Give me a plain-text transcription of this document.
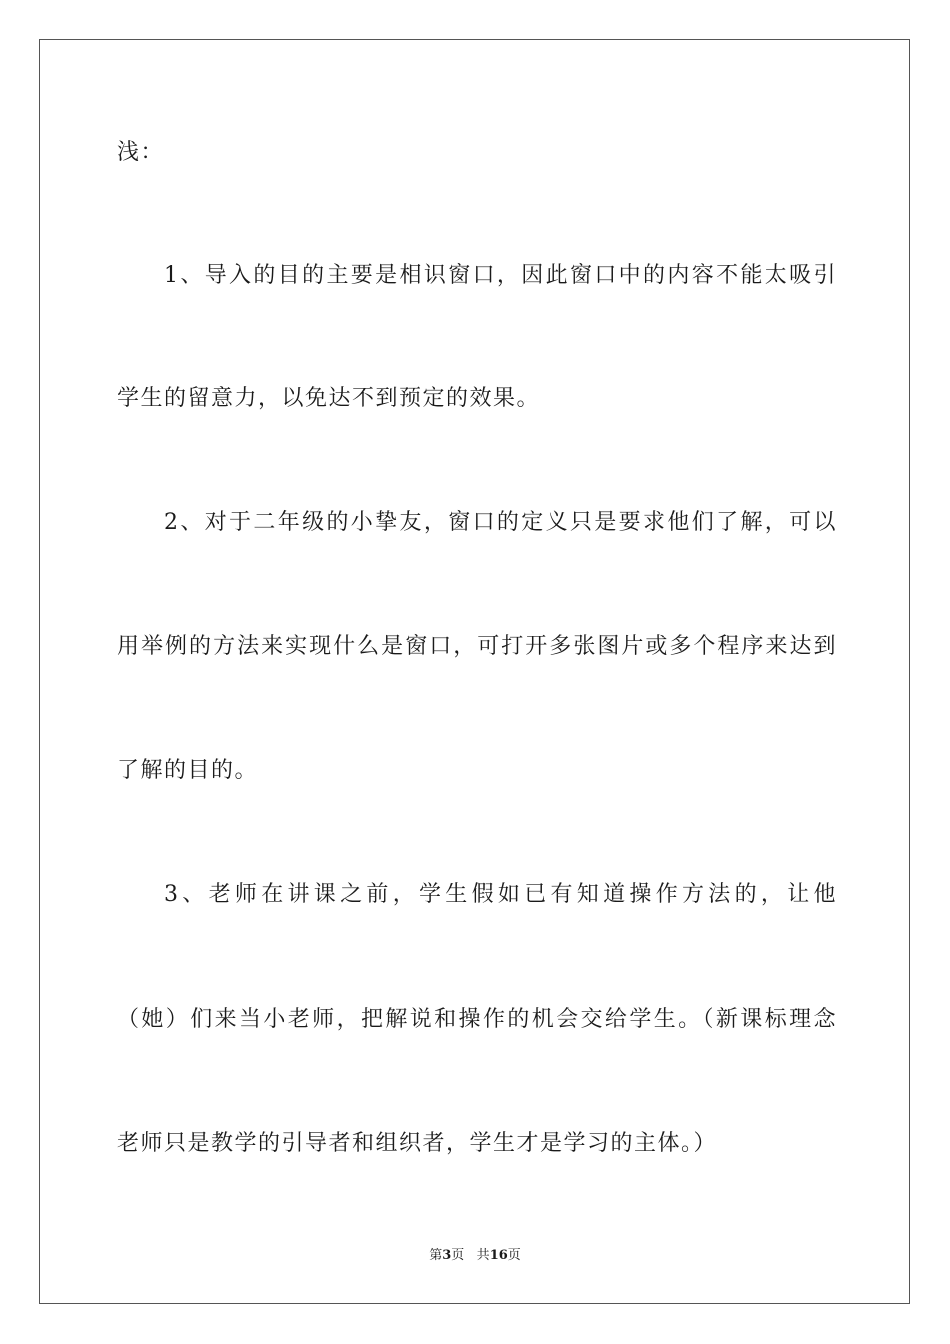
浅：
1、导入的目的主要是相识窗口，因此窗口中的内容不能太吸引
学生的留意力，以免达不到预定的效果。
2、对于二年级的小挚友，窗口的定义只是要求他们了解，可以
用举例的方法来实现什么是窗口，可打开多张图片或多个程序来达到
了解的目的。
3、老师在讲课之前，学生假如已有知道操作方法的，让他
（她）们来当小老师，把解说和操作的机会交给学生。（新课标理念
老师只是教学的引导者和组织者，学生才是学习的主体。）
第3页 共16页
